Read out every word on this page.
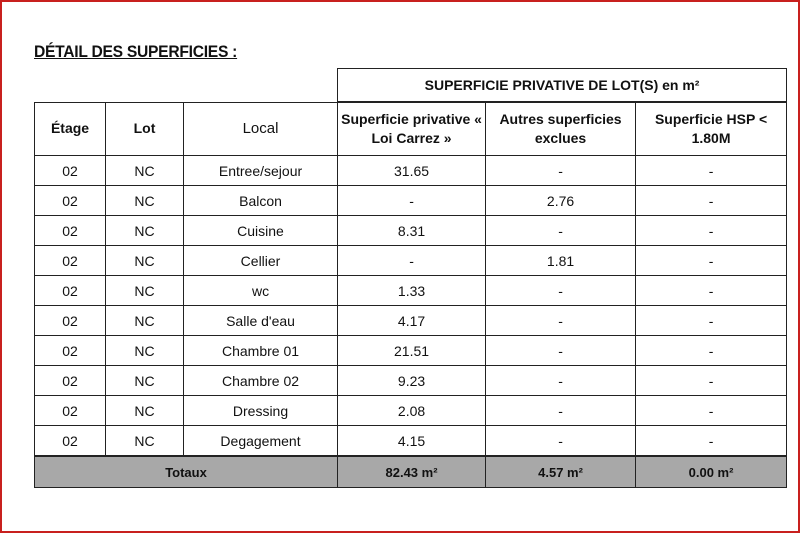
DÉTAIL DES SUPERFICIES :
			SUPERFICIE PRIVATIVE DE LOT(S) en m²		
Étage	Lot	Local	Superficie privative « Loi Carrez »	Autres superficies exclues	Superficie HSP < 1.80M
02	NC	Entree/sejour	31.65	-	-
02	NC	Balcon	-	2.76	-
02	NC	Cuisine	8.31	-	-
02	NC	Cellier	-	1.81	-
02	NC	wc	1.33	-	-
02	NC	Salle d'eau	4.17	-	-
02	NC	Chambre 01	21.51	-	-
02	NC	Chambre 02	9.23	-	-
02	NC	Dressing	2.08	-	-
02	NC	Degagement	4.15	-	-
Totaux			82.43 m²	4.57 m²	0.00 m²
